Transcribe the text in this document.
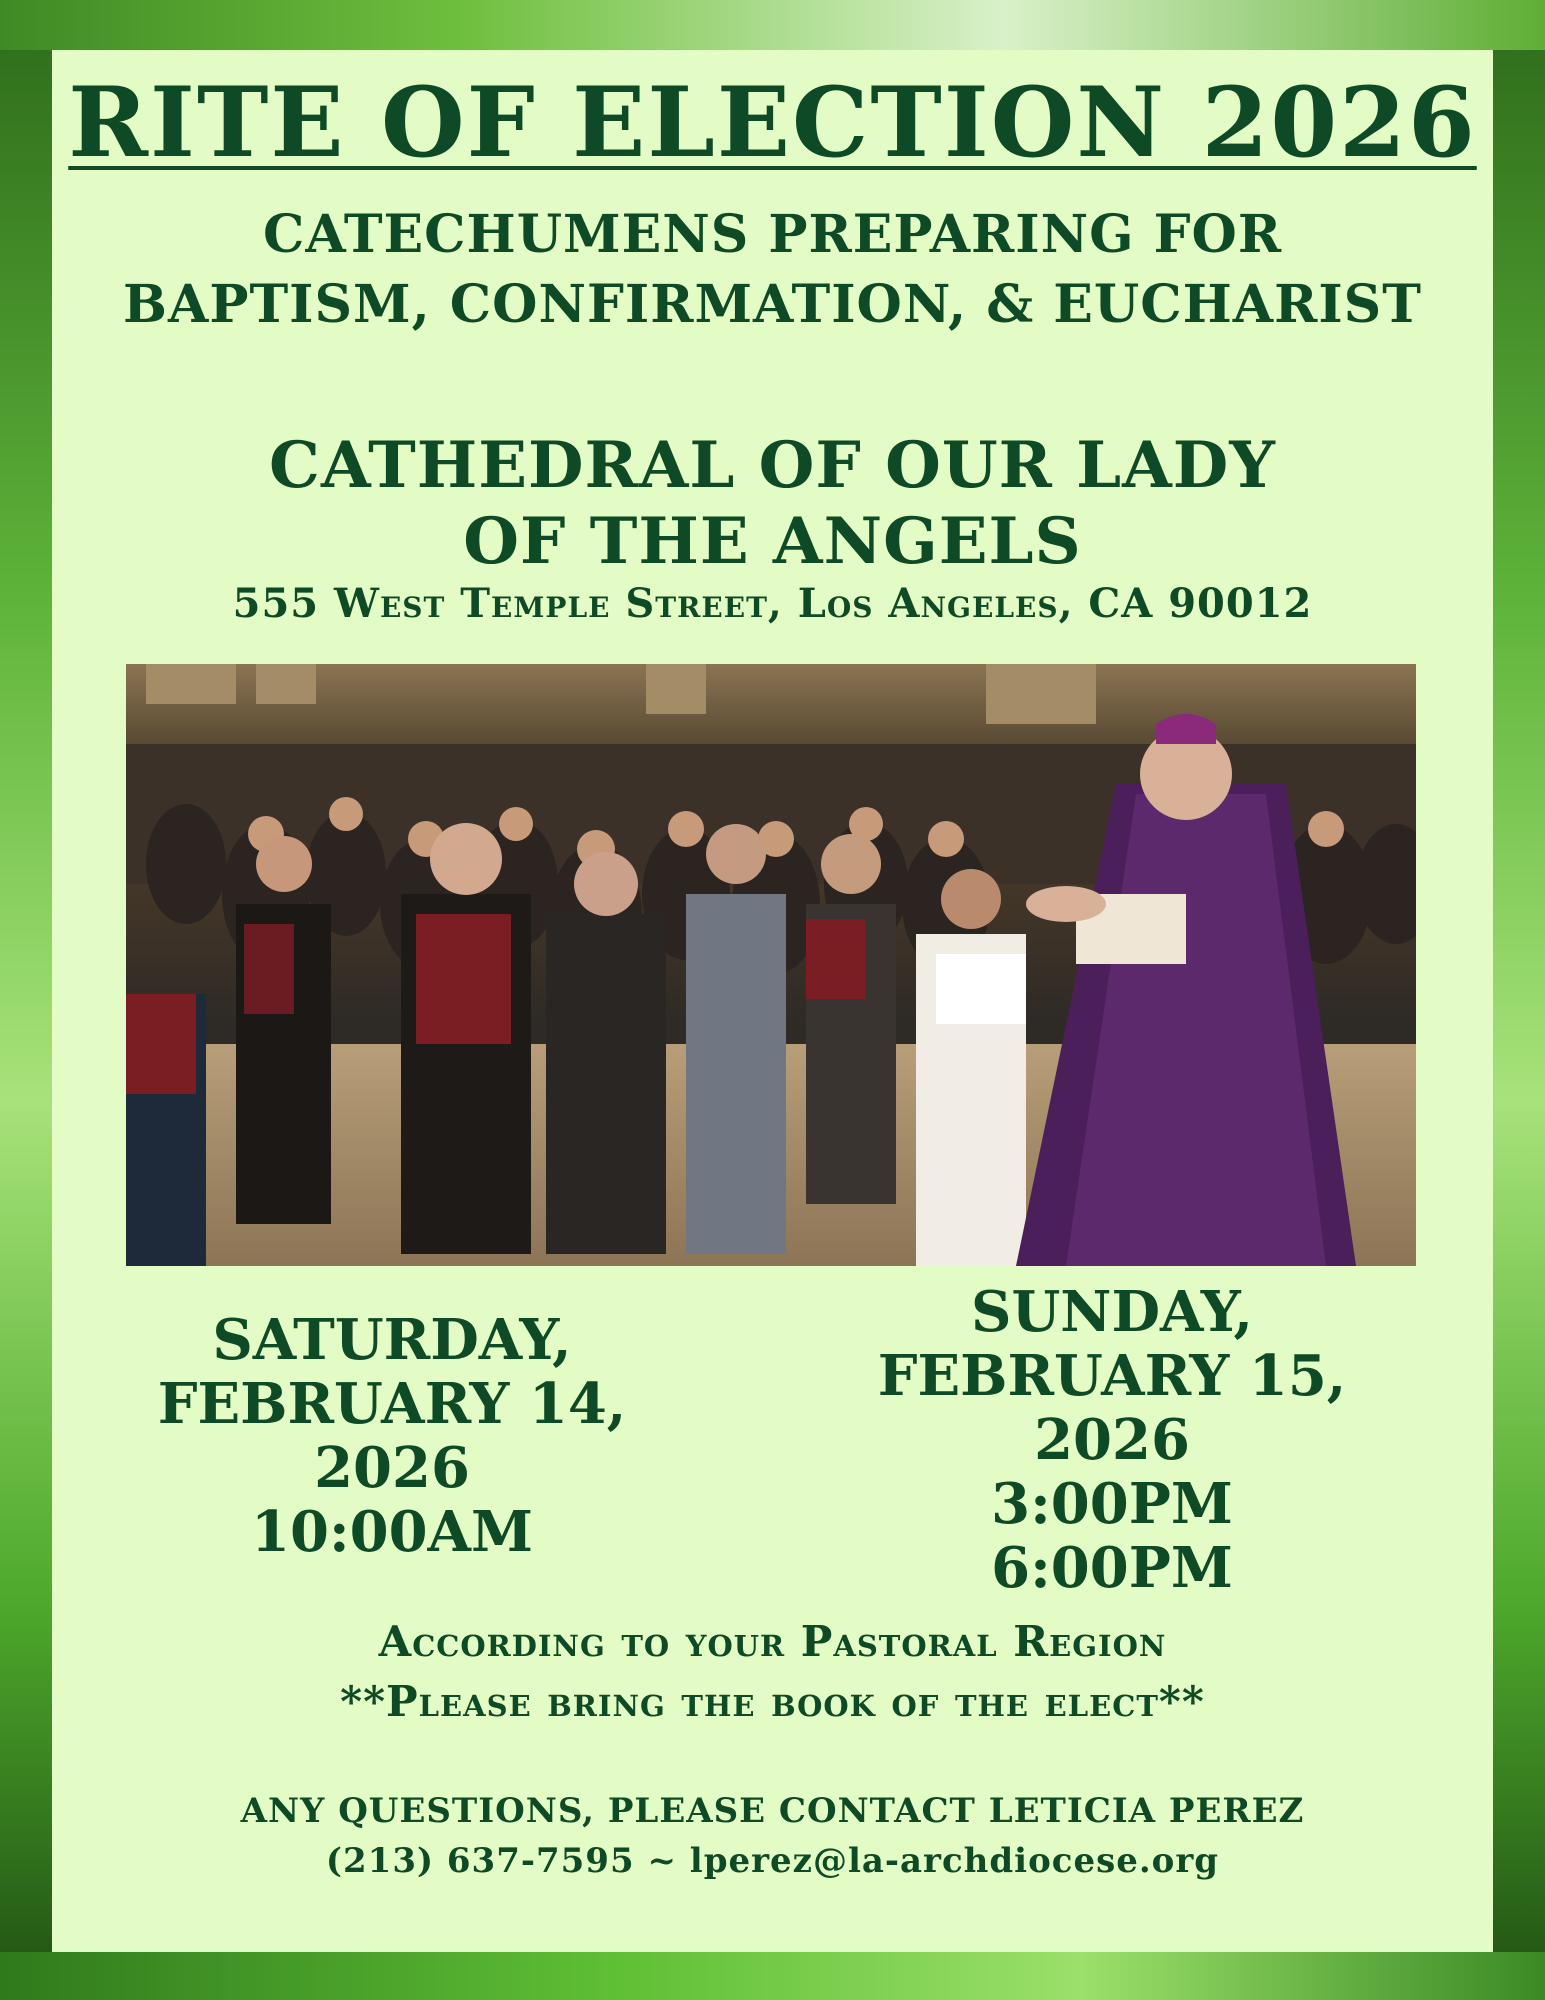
RITE OF ELECTION 2026
CATECHUMENS PREPARING FOR
BAPTISM, CONFIRMATION, & EUCHARIST
CATHEDRAL OF OUR LADY
OF THE ANGELS
555 West Temple Street, Los Angeles, CA 90012
SATURDAY,
FEBRUARY 14, 2026
10:00AM
SUNDAY,
FEBRUARY 15, 2026
3:00PM
6:00PM
According to your Pastoral Region
**Please bring the book of the elect**
ANY QUESTIONS, PLEASE CONTACT LETICIA PEREZ
(213) 637-7595 ~ lperez@la-archdiocese.org
